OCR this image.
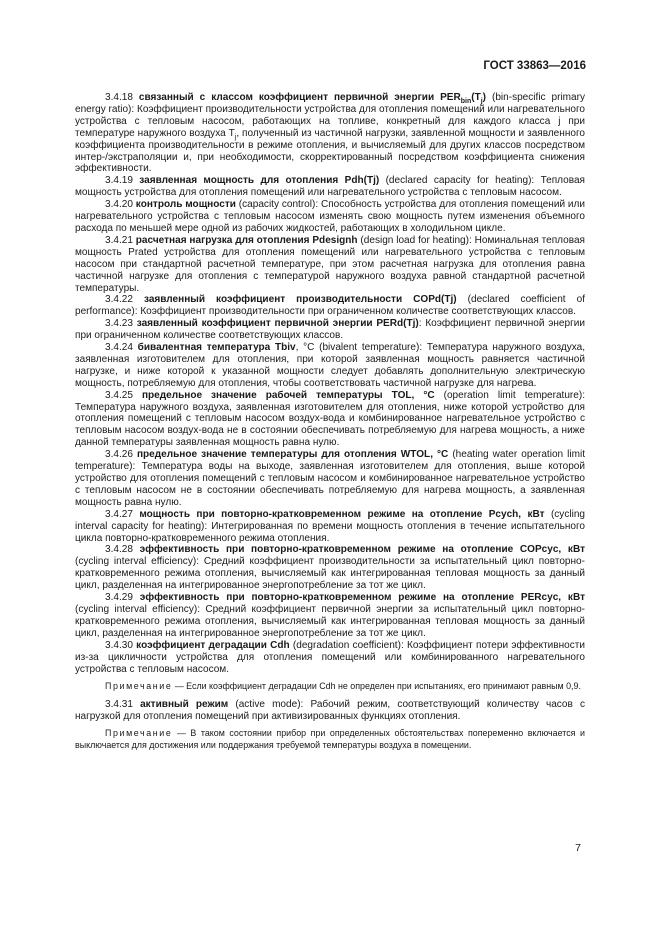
ГОСТ 33863—2016

3.4.18 связанный с классом коэффициент первичной энергии $PER_{bin}(T_j)$ (bin-specific primary energy ratio): Коэффициент производительности устройства для отопления помещений или нагревательного устройства с тепловым насосом, работающих на топливе, конкретный для каждого класса j при температуре наружного воздуха $T_j$, полученный из частичной нагрузки, заявленной мощности и заявленного коэффициента производительности в режиме отопления, и вычисляемый для других классов посредством интер-/экстраполяции и, при необходимости, скорректированный посредством коэффициента снижения эффективности.

3.4.19 заявленная мощность для отопления Pdh(Tj) (declared capacity for heating): Тепловая мощность устройства для отопления помещений или нагревательного устройства с тепловым насосом.

3.4.20 контроль мощности (capacity control): Способность устройства для отопления помещений или нагревательного устройства с тепловым насосом изменять свою мощность путем изменения объемного расхода по меньшей мере одной из рабочих жидкостей, работающих в холодильном цикле.

3.4.21 расчетная нагрузка для отопления Pdesignh (design load for heating): Номинальная тепловая мощность Prated устройства для отопления помещений или нагревательного устройства с тепловым насосом при стандартной расчетной температуре, при этом расчетная нагрузка для отопления равна частичной нагрузке для отопления с температурой наружного воздуха равной стандартной расчетной температуры.

3.4.22 заявленный коэффициент производительности COPd(Tj) (declared coefficient of performance): Коэффициент производительности при ограниченном количестве соответствующих классов.

3.4.23 заявленный коэффициент первичной энергии PERd(Tj): Коэффициент первичной энергии при ограниченном количестве соответствующих классов.

3.4.24 бивалентная температура Tbiv, °C (bivalent temperature): Температура наружного воздуха, заявленная изготовителем для отопления, при которой заявленная мощность равняется частичной нагрузке, и ниже которой к указанной мощности следует добавлять дополнительную электрическую мощность, потребляемую для отопления, чтобы соответствовать частичной нагрузке для нагрева.

3.4.25 предельное значение рабочей температуры TOL, °C (operation limit temperature): Температура наружного воздуха, заявленная изготовителем для отопления, ниже которой устройство для отопления помещений с тепловым насосом воздух-вода и комбинированное нагревательное устройство с тепловым насосом воздух-вода не в состоянии обеспечивать потребляемую для нагрева мощность, а ниже данной температуры заявленная мощность равна нулю.

3.4.26 предельное значение температуры для отопления WTOL, °C (heating water operation limit temperature): Температура воды на выходе, заявленная изготовителем для отопления, выше которой устройство для отопления помещений с тепловым насосом и комбинированное нагревательное устройство с тепловым насосом не в состоянии обеспечивать потребляемую для нагрева мощность, а заявленная мощность равна нулю.

3.4.27 мощность при повторно-кратковременном режиме на отопление Pcych, кВт (cycling interval capacity for heating): Интегрированная по времени мощность отопления в течение испытательного цикла повторно-кратковременного режима отопления.

3.4.28 эффективность при повторно-кратковременном режиме на отопление COPcyc, кВт (cycling interval efficiency): Средний коэффициент производительности за испытательный цикл повторно-кратковременного режима отопления, вычисляемый как интегрированная тепловая мощность за данный цикл, разделенная на интегрированное энергопотребление за тот же цикл.

3.4.29 эффективность при повторно-кратковременном режиме на отопление PERcyc, кВт (cycling interval efficiency): Средний коэффициент первичной энергии за испытательный цикл повторно-кратковременного режима отопления, вычисляемый как интегрированная тепловая мощность за данный цикл, разделенная на интегрированное энергопотребление за тот же цикл.

3.4.30 коэффициент деградации Cdh (degradation coefficient): Коэффициент потери эффективности из-за цикличности устройства для отопления помещений или комбинированного нагревательного устройства с тепловым насосом.

Примечание — Если коэффициент деградации Cdh не определен при испытаниях, его принимают равным 0,9.

3.4.31 активный режим (active mode): Рабочий режим, соответствующий количеству часов с нагрузкой для отопления помещений при активизированных функциях отопления.

Примечание — В таком состоянии прибор при определенных обстоятельствах попеременно включается и выключается для достижения или поддержания требуемой температуры воздуха в помещении.

7
